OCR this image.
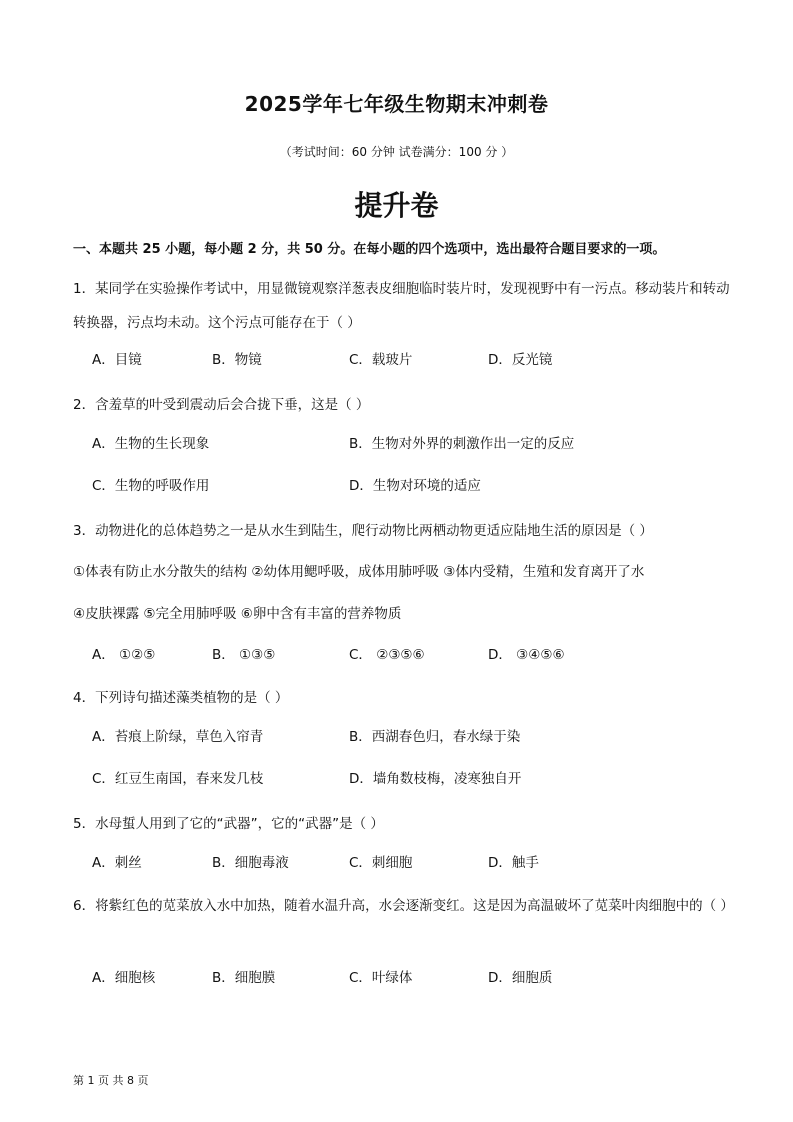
2025学年七年级生物期末冲刺卷
（考试时间：60 分钟 试卷满分：100 分 ）
提升卷
一、本题共 25 小题，每小题 2 分，共 50 分。在每小题的四个选项中，选出最符合题目要求的一项。
1．某同学在实验操作考试中，用显微镜观察洋葱表皮细胞临时装片时，发现视野中有一污点。移动装片和转动转换器，污点均未动。这个污点可能存在于（ ）
A．目镜	B．物镜	C．载玻片	D．反光镜
2．含羞草的叶受到震动后会合拢下垂，这是（ ）
A．生物的生长现象	B．生物对外界的刺激作出一定的反应
C．生物的呼吸作用	D．生物对环境的适应
3．动物进化的总体趋势之一是从水生到陆生，爬行动物比两栖动物更适应陆地生活的原因是（ ）
①体表有防止水分散失的结构 ②幼体用鳃呼吸，成体用肺呼吸 ③体内受精，生殖和发育离开了水
④皮肤裸露 ⑤完全用肺呼吸 ⑥卵中含有丰富的营养物质
A． ①②⑤	B． ①③⑤	C． ②③⑤⑥	D． ③④⑤⑥
4．下列诗句描述藻类植物的是（ ）
A．苔痕上阶绿，草色入帘青	B．西湖春色归，春水绿于染
C．红豆生南国，春来发几枝	D．墙角数枝梅，凌寒独自开
5．水母蜇人用到了它的“武器”，它的“武器”是（ ）
A．刺丝	B．细胞毒液	C．刺细胞	D．触手
6．将紫红色的苋菜放入水中加热，随着水温升高，水会逐渐变红。这是因为高温破坏了苋菜叶肉细胞中的（ ）
A．细胞核	B．细胞膜	C．叶绿体	D．细胞质
第 1 页 共 8 页
